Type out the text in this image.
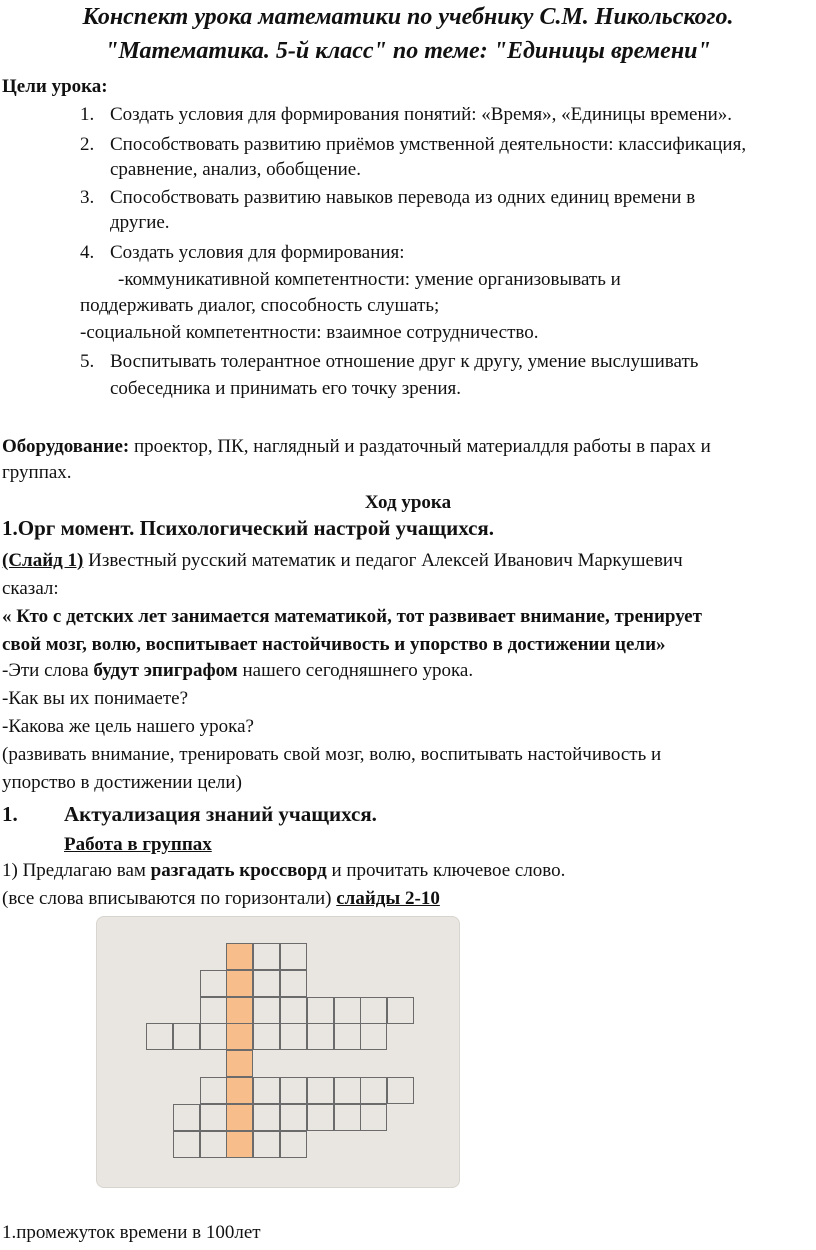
Конспект урока математики по учебнику С.М. Никольского.
"Математика. 5-й класс" по теме: "Единицы времени"
Цели урока:
1. Создать условия для формирования понятий: «Время», «Единицы времени».
2. Способствовать развитию приёмов умственной деятельности: классификация,
сравнение, анализ, обобщение.
3. Способствовать развитию навыков перевода из одних единиц времени в
другие.
4. Создать условия для формирования:
-коммуникативной компетентности: умение организовывать и
поддерживать диалог, способность слушать;
-социальной компетентности: взаимное сотрудничество.
5. Воспитывать толерантное отношение друг к другу, умение выслушивать
собеседника и принимать его точку зрения.
Оборудование: проектор, ПК, наглядный и раздаточный материалдля работы в парах и
группах.
Ход урока
1.Орг момент. Психологический настрой учащихся.
(Слайд 1) Известный русский математик и педагог Алексей Иванович Маркушевич
сказал:
« Кто с детских лет занимается математикой, тот развивает внимание, тренирует
свой мозг, волю, воспитывает настойчивость и упорство в достижении цели»
-Эти слова будут эпиграфом нашего сегодняшнего урока.
-Как вы их понимаете?
-Какова же цель нашего урока?
(развивать внимание, тренировать свой мозг, волю, воспитывать настойчивость и
упорство в достижении цели)
1. Актуализация знаний учащихся.
Работа в группах
1) Предлагаю вам разгадать кроссворд и прочитать ключевое слово.
(все слова вписываются по горизонтали) слайды 2-10
1.промежуток времени в 100лет
